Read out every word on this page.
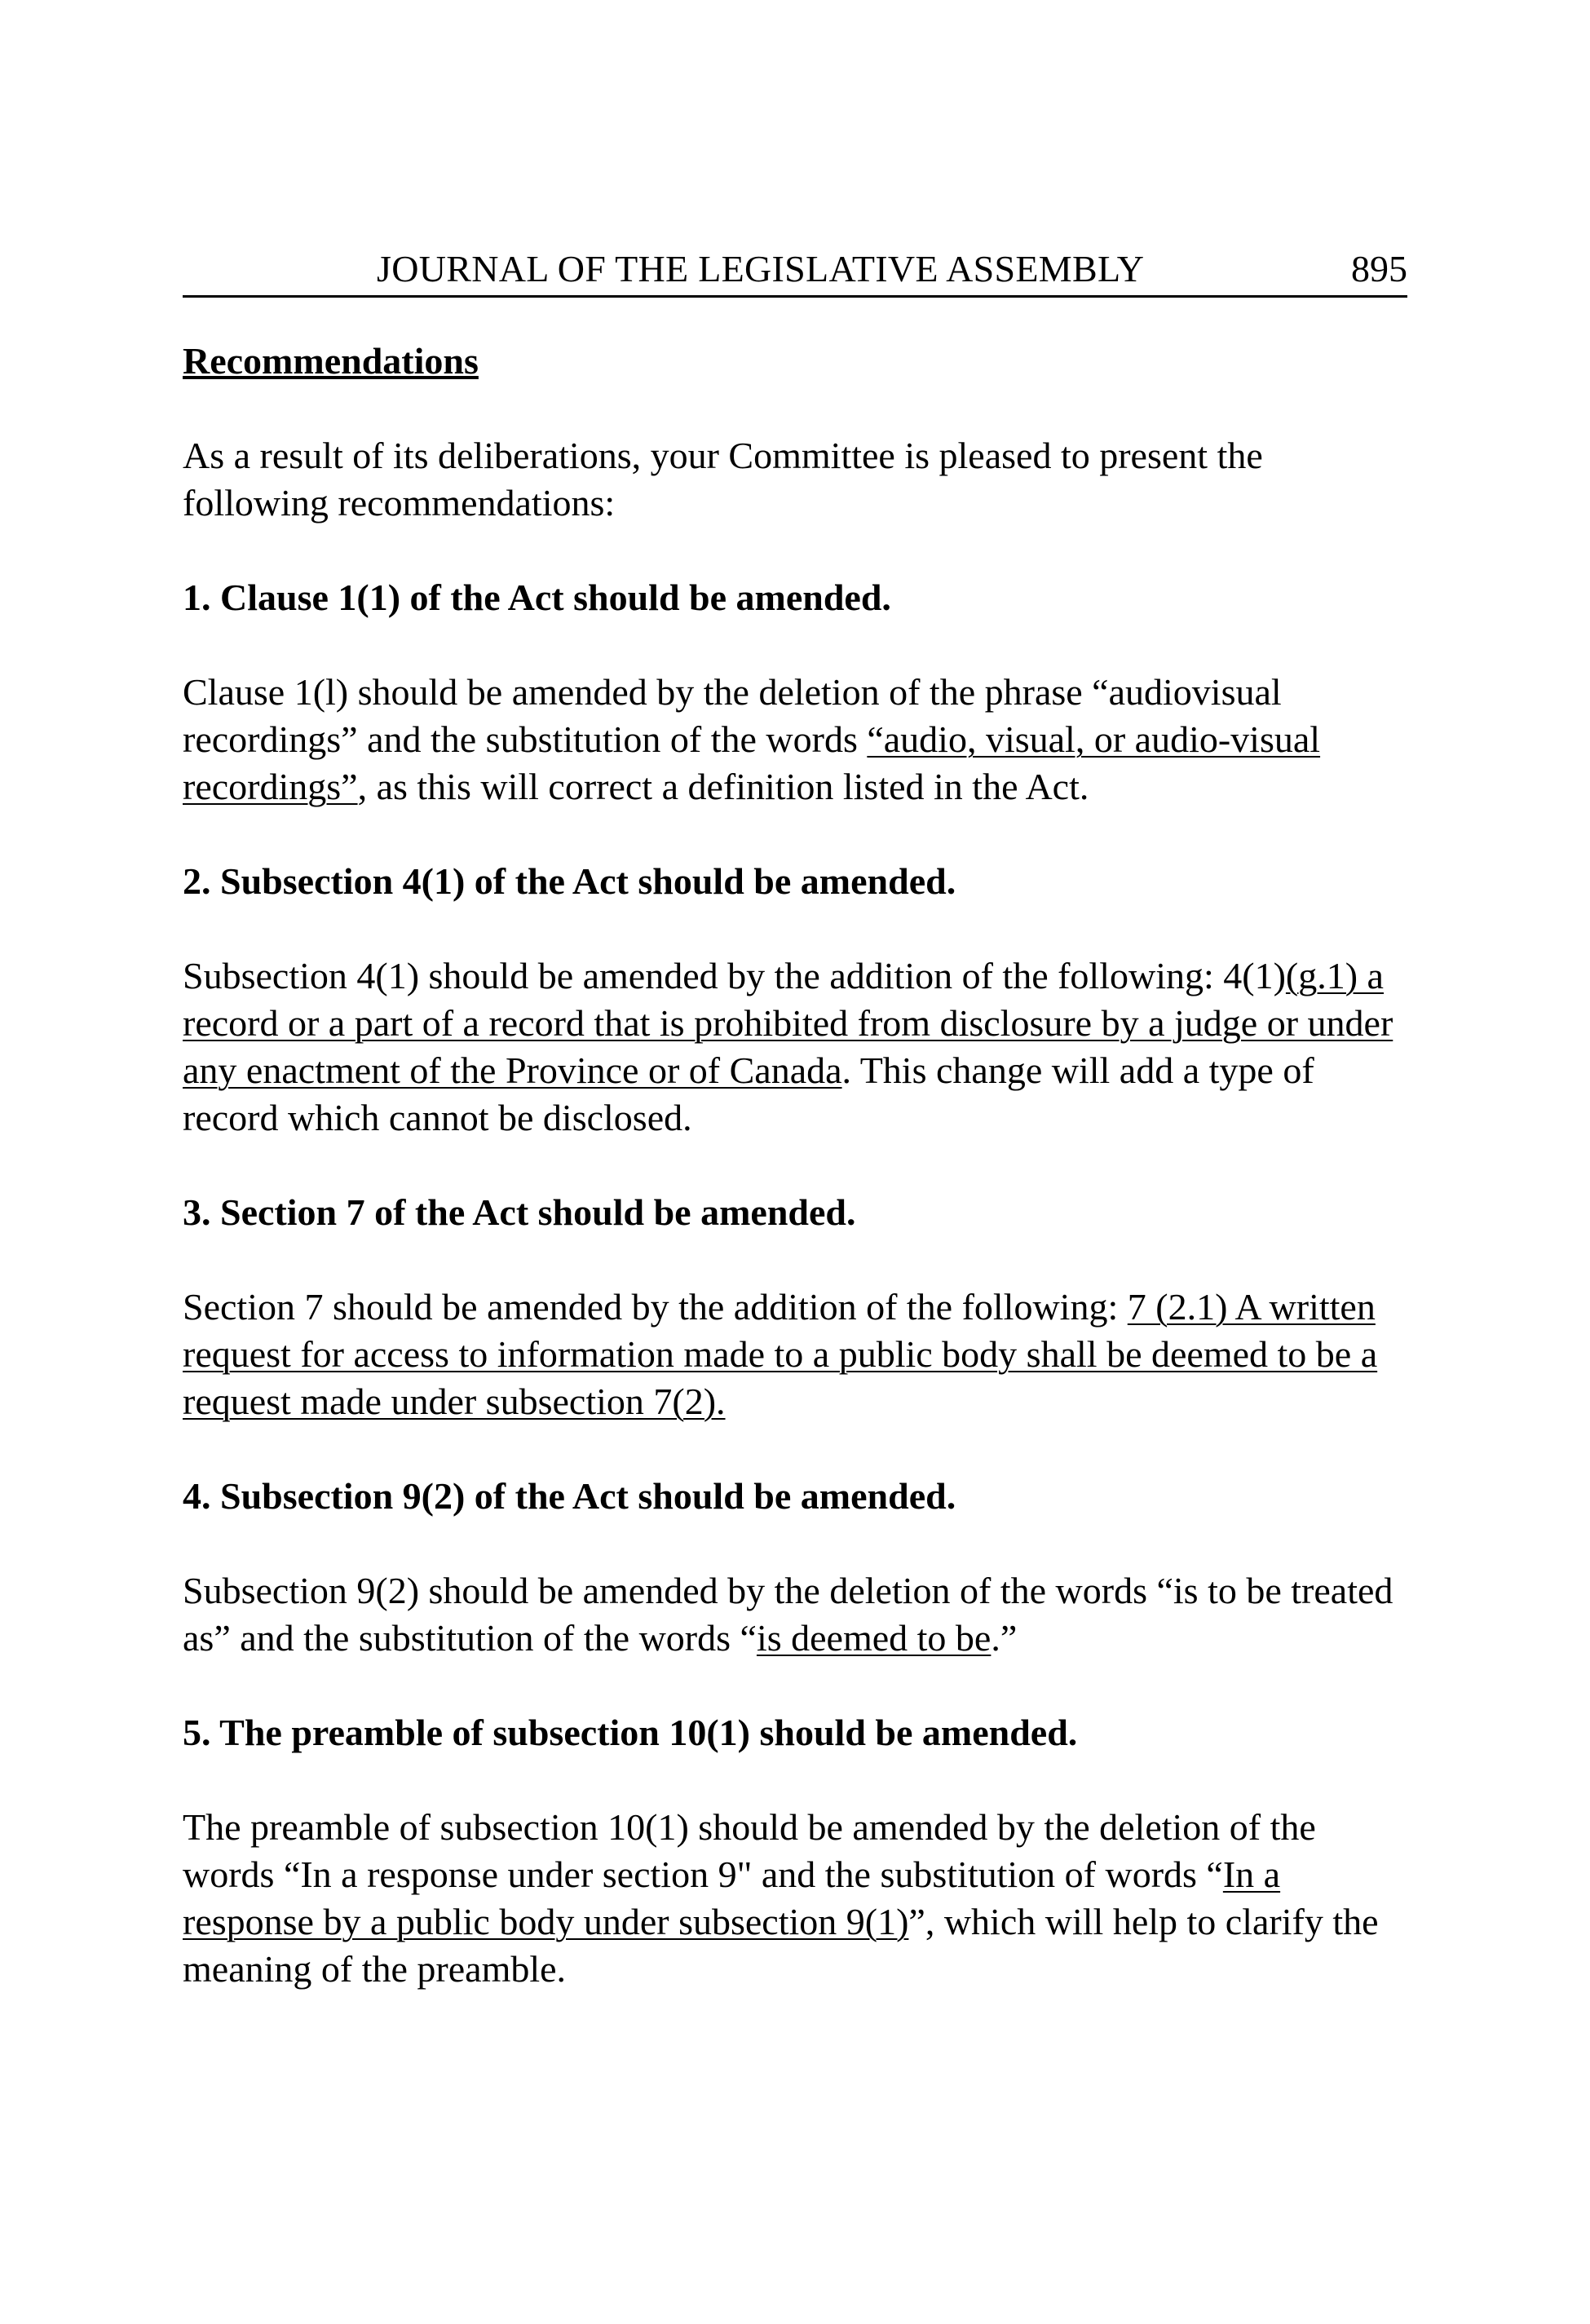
JOURNAL OF THE LEGISLATIVE ASSEMBLY	895

Recommendations

As a result of its deliberations, your Committee is pleased to present the following recommendations:

1. Clause 1(1) of the Act should be amended.

Clause 1(l) should be amended by the deletion of the phrase “audiovisual recordings” and the substitution of the words “audio, visual, or audio-visual recordings”, as this will correct a definition listed in the Act.

2. Subsection 4(1) of the Act should be amended.

Subsection 4(1) should be amended by the addition of the following: 4(1)(g.1) a record or a part of a record that is prohibited from disclosure by a judge or under any enactment of the Province or of Canada. This change will add a type of record which cannot be disclosed.

3. Section 7 of the Act should be amended.

Section 7 should be amended by the addition of the following: 7 (2.1) A written request for access to information made to a public body shall be deemed to be a request made under subsection 7(2).

4. Subsection 9(2) of the Act should be amended.

Subsection 9(2) should be amended by the deletion of the words “is to be treated as” and the substitution of the words “is deemed to be.”

5. The preamble of subsection 10(1) should be amended.

The preamble of subsection 10(1) should be amended by the deletion of the words “In a response under section 9" and the substitution of words “In a response by a public body under subsection 9(1)”, which will help to clarify the meaning of the preamble.
